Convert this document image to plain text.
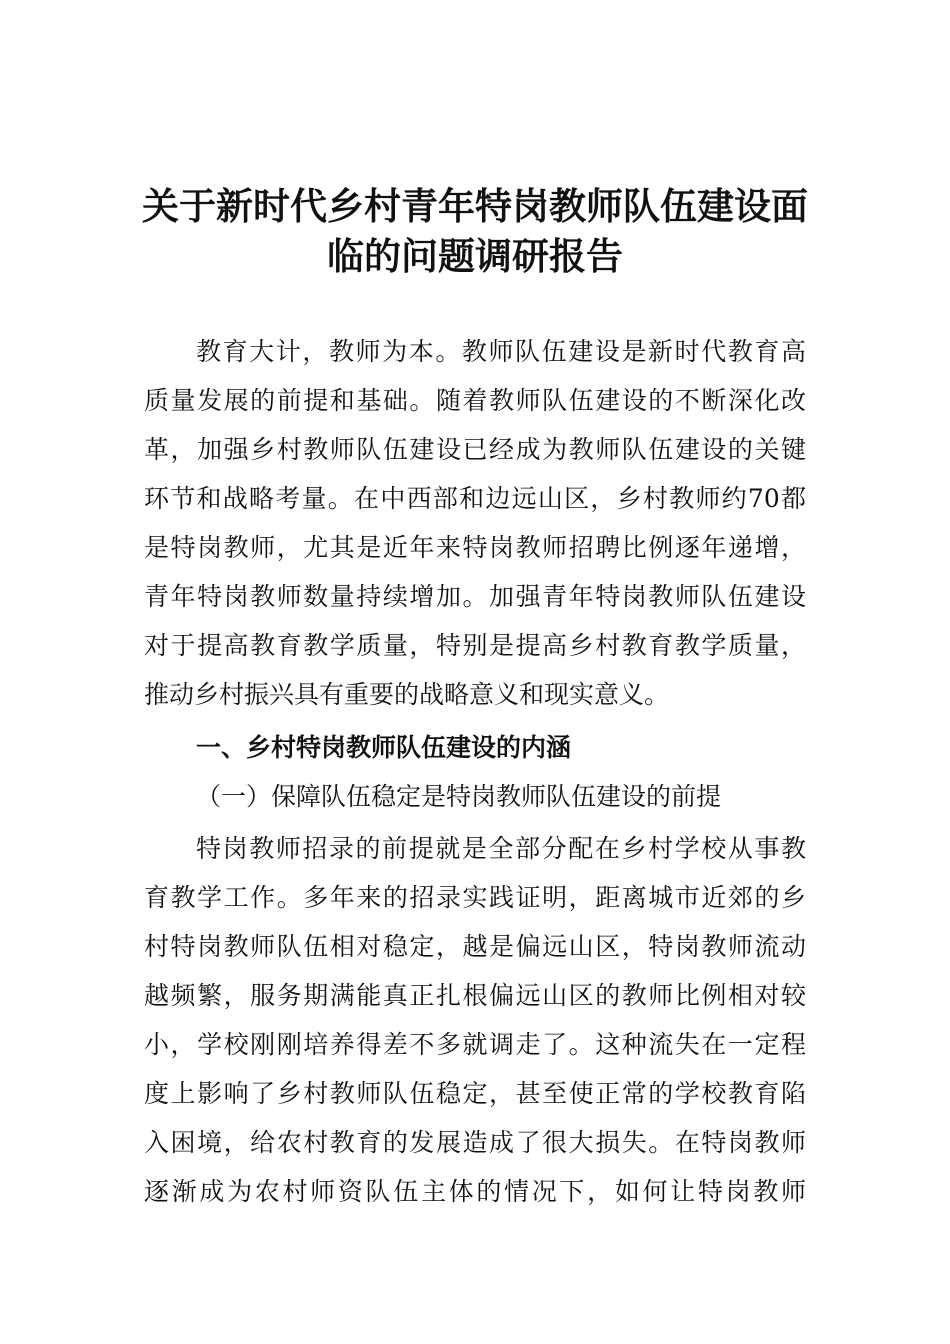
关于新时代乡村青年特岗教师队伍建设面
临的问题调研报告
教育大计，教师为本。教师队伍建设是新时代教育高
质量发展的前提和基础。随着教师队伍建设的不断深化改
革，加强乡村教师队伍建设已经成为教师队伍建设的关键
环节和战略考量。在中西部和边远山区，乡村教师约70都
是特岗教师，尤其是近年来特岗教师招聘比例逐年递增，
青年特岗教师数量持续增加。加强青年特岗教师队伍建设
对于提高教育教学质量，特别是提高乡村教育教学质量，
推动乡村振兴具有重要的战略意义和现实意义。
一、乡村特岗教师队伍建设的内涵
（一）保障队伍稳定是特岗教师队伍建设的前提
特岗教师招录的前提就是全部分配在乡村学校从事教
育教学工作。多年来的招录实践证明，距离城市近郊的乡
村特岗教师队伍相对稳定，越是偏远山区，特岗教师流动
越频繁，服务期满能真正扎根偏远山区的教师比例相对较
小，学校刚刚培养得差不多就调走了。这种流失在一定程
度上影响了乡村教师队伍稳定，甚至使正常的学校教育陷
入困境，给农村教育的发展造成了很大损失。在特岗教师
逐渐成为农村师资队伍主体的情况下，如何让特岗教师
